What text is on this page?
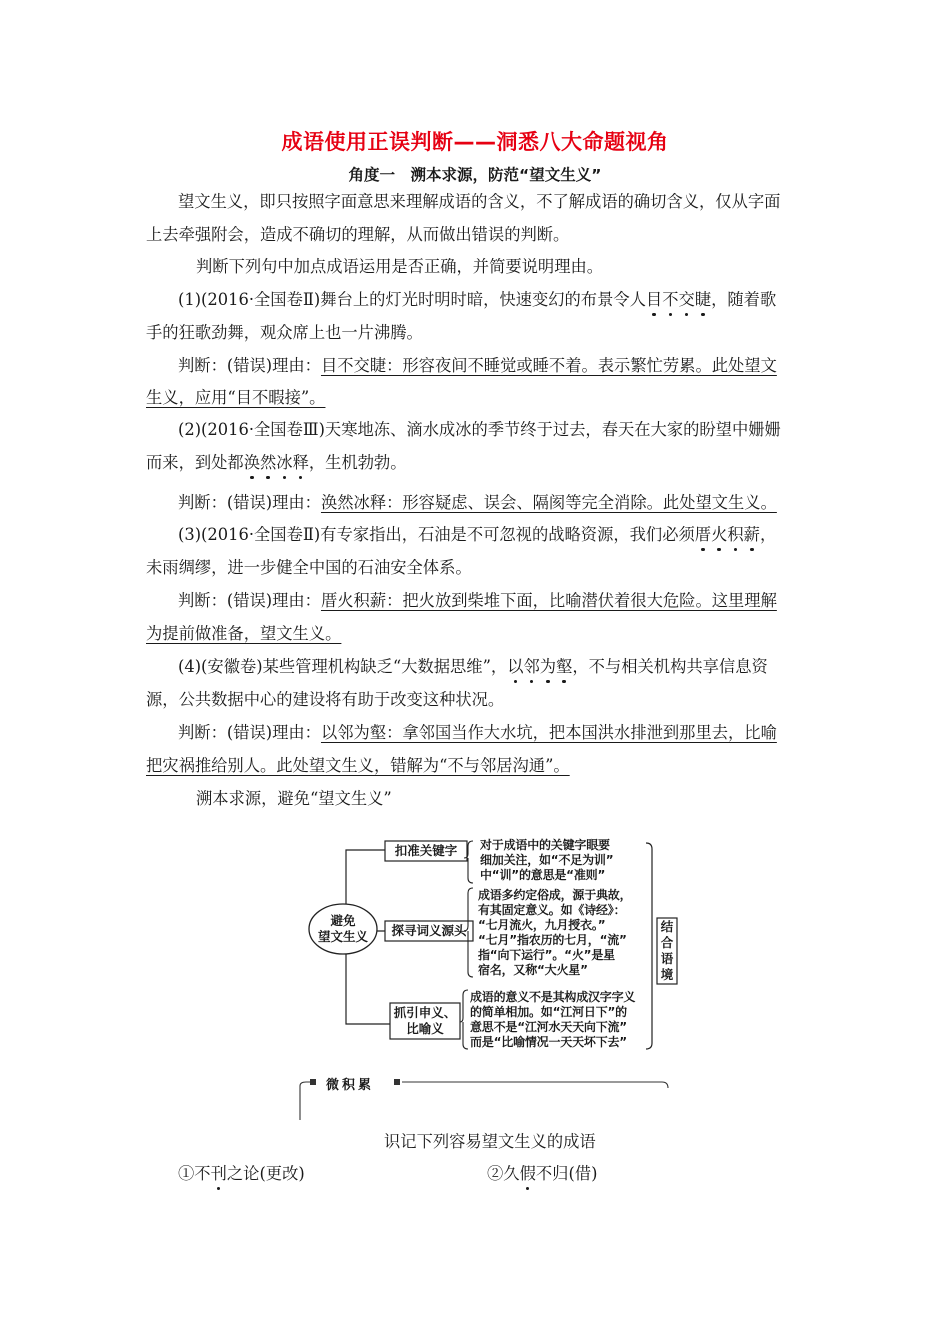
成语使用正误判断——洞悉八大命题视角
角度一　溯本求源，防范“望文生义”
望文生义，即只按照字面意思来理解成语的含义，不了解成语的确切含义，仅从字面
上去牵强附会，造成不确切的理解，从而做出错误的判断。
判断下列句中加点成语运用是否正确，并简要说明理由。
(1)(2016·全国卷Ⅱ)舞台上的灯光时明时暗，快速变幻的布景令人目不交睫，随着歌
手的狂歌劲舞，观众席上也一片沸腾。
判断：(错误)理由：目不交睫：形容夜间不睡觉或睡不着。表示繁忙劳累。此处望文
生义，应用“目不暇接”。
(2)(2016·全国卷Ⅲ)天寒地冻、滴水成冰的季节终于过去，春天在大家的盼望中姗姗
而来，到处都涣然冰释，生机勃勃。
判断：(错误)理由：涣然冰释：形容疑虑、误会、隔阂等完全消除。此处望文生义。
(3)(2016·全国卷Ⅱ)有专家指出，石油是不可忽视的战略资源，我们必须厝火积薪，
未雨绸缪，进一步健全中国的石油安全体系。
判断：(错误)理由：厝火积薪：把火放到柴堆下面，比喻潜伏着很大危险。这里理解
为提前做准备，望文生义。
(4)(安徽卷)某些管理机构缺乏“大数据思维”，以邻为壑，不与相关机构共享信息资
源，公共数据中心的建设将有助于改变这种状况。
判断：(错误)理由：以邻为壑：拿邻国当作大水坑，把本国洪水排泄到那里去，比喻
把灾祸推给别人。此处望文生义，错解为“不与邻居沟通”。
溯本求源，避免“望文生义”
避免
望文生义
扣准关键字
探寻词义源头
抓引申义、
比喻义
对于成语中的关键字眼要
细加关注，如“不足为训”
中“训”的意思是“准则”
成语多约定俗成，源于典故，
有其固定意义。如《诗经》：
“七月流火，九月授衣。”
“七月”指农历的七月，“流”
指“向下运行”。“火”是星
宿名，又称“大火星”
成语的意义不是其构成汉字字义
的简单相加。如“江河日下”的
意思不是“江河水天天向下流”
而是“比喻情况一天天坏下去”
结
合
语
境
微积累
识记下列容易望文生义的成语
①不刊之论(更改)	②久假不归(借)
